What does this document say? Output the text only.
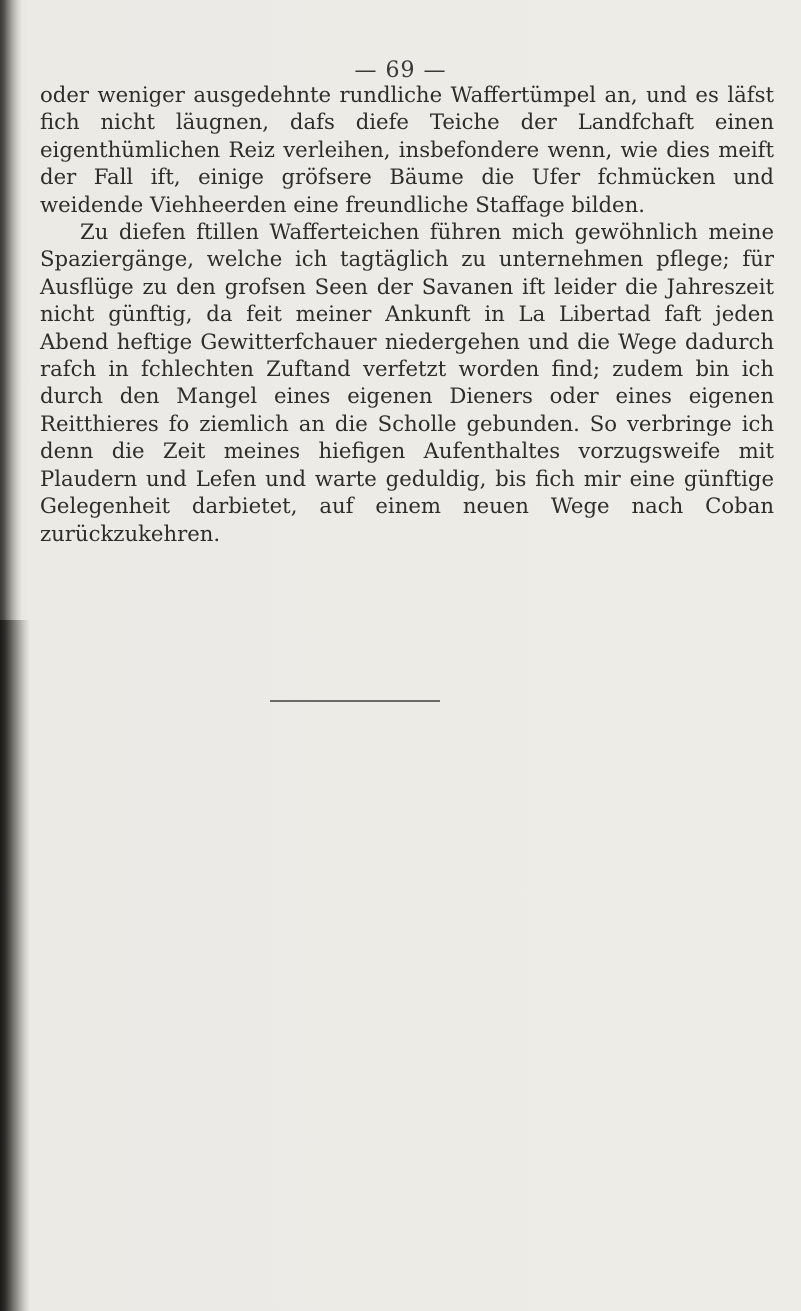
— 69 —

oder weniger ausgedehnte rundliche Waffertümpel an, und es läfst fich nicht läugnen, dafs diefe Teiche der Landfchaft einen eigenthümlichen Reiz verleihen, insbefondere wenn, wie dies meift der Fall ift, einige gröfsere Bäume die Ufer fchmücken und weidende Viehheerden eine freundliche Staffage bilden.

Zu diefen ftillen Wafferteichen führen mich gewöhnlich meine Spaziergänge, welche ich tagtäglich zu unternehmen pflege; für Ausflüge zu den grofsen Seen der Savanen ift leider die Jahreszeit nicht günftig, da feit meiner Ankunft in La Libertad faft jeden Abend heftige Gewitterfchauer niedergehen und die Wege dadurch rafch in fchlechten Zuftand verfetzt worden find; zudem bin ich durch den Mangel eines eigenen Dieners oder eines eigenen Reitthieres fo ziemlich an die Scholle gebunden. So verbringe ich denn die Zeit meines hiefigen Aufenthaltes vorzugsweife mit Plaudern und Lefen und warte geduldig, bis fich mir eine günftige Gelegenheit darbietet, auf einem neuen Wege nach Coban zurückzukehren.
